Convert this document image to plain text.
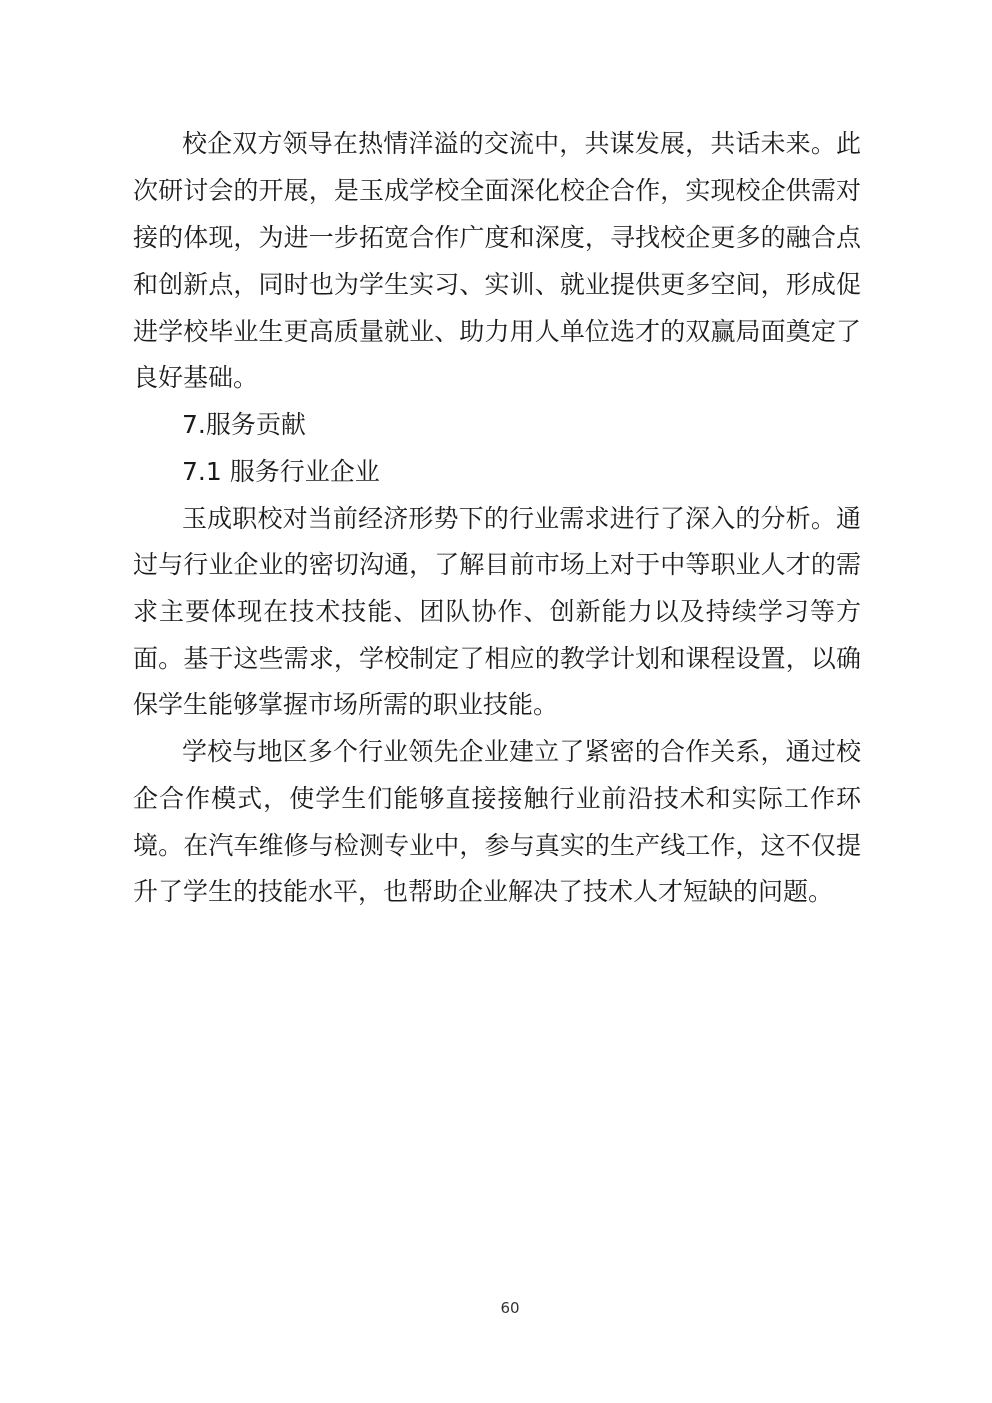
校企双方领导在热情洋溢的交流中，共谋发展，共话未来。此
次研讨会的开展，是玉成学校全面深化校企合作，实现校企供需对
接的体现，为进一步拓宽合作广度和深度，寻找校企更多的融合点
和创新点，同时也为学生实习、实训、就业提供更多空间，形成促
进学校毕业生更高质量就业、助力用人单位选才的双赢局面奠定了
良好基础。
7.服务贡献
7.1 服务行业企业
玉成职校对当前经济形势下的行业需求进行了深入的分析。通
过与行业企业的密切沟通，了解目前市场上对于中等职业人才的需
求主要体现在技术技能、团队协作、创新能力以及持续学习等方
面。基于这些需求，学校制定了相应的教学计划和课程设置，以确
保学生能够掌握市场所需的职业技能。
学校与地区多个行业领先企业建立了紧密的合作关系，通过校
企合作模式，使学生们能够直接接触行业前沿技术和实际工作环
境。在汽车维修与检测专业中，参与真实的生产线工作，这不仅提
升了学生的技能水平，也帮助企业解决了技术人才短缺的问题。
60
